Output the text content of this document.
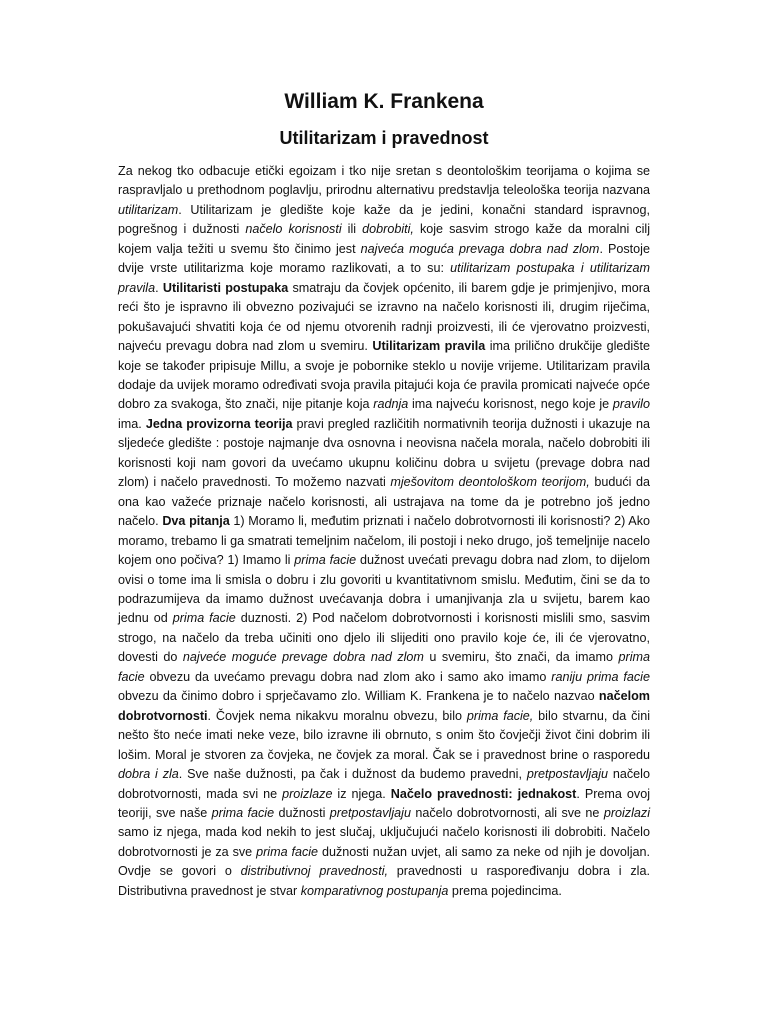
William K. Frankena
Utilitarizam i pravednost

Za nekog tko odbacuje etički egoizam i tko nije sretan s deontološkim teorijama o kojima se raspravljalo u prethodnom poglavlju, prirodnu alternativu predstavlja teleološka teorija nazvana utilitarizam. Utilitarizam je gledište koje kaže da je jedini, konačni standard ispravnog, pogrešnog i dužnosti načelo korisnosti ili dobrobiti, koje sasvim strogo kaže da moralni cilj kojem valja težiti u svemu što činimo jest najveća moguća prevaga dobra nad zlom. Postoje dvije vrste utilitarizma koje moramo razlikovati, a to su: utilitarizam postupaka i utilitarizam pravila. Utilitaristi postupaka smatraju da čovjek općenito, ili barem gdje je primjenjivo, mora reći što je ispravno ili obvezno pozivajući se izravno na načelo korisnosti ili, drugim riječima, pokušavajući shvatiti koja će od njemu otvorenih radnji proizvesti, ili će vjerovatno proizvesti, najveću prevagu dobra nad zlom u svemiru. Utilitarizam pravila ima prilično drukčije gledište koje se također pripisuje Millu, a svoje je pobornike steklo u novije vrijeme. Utilitarizam pravila dodaje da uvijek moramo određivati svoja pravila pitajući koja će pravila promicati najveće opće dobro za svakoga, što znači, nije pitanje koja radnja ima najveću korisnost, nego koje je pravilo ima. Jedna provizorna teorija pravi pregled različitih normativnih teorija dužnosti i ukazuje na sljedeće gledište : postoje najmanje dva osnovna i neovisna načela morala, načelo dobrobiti ili korisnosti koji nam govori da uvećamo ukupnu količinu dobra u svijetu (prevage dobra nad zlom) i načelo pravednosti. To možemo nazvati mješovitom deontološkom teorijom, budući da ona kao važeće priznaje načelo korisnosti, ali ustrajava na tome da je potrebno još jedno načelo. Dva pitanja 1) Moramo li, međutim priznati i načelo dobrotvornosti ili korisnosti? 2) Ako moramo, trebamo li ga smatrati temeljnim načelom, ili postoji i neko drugo, još temeljnije nacelo kojem ono počiva? 1) Imamo li prima facie dužnost uvećati prevagu dobra nad zlom, to dijelom ovisi o tome ima li smisla o dobru i zlu govoriti u kvantitativnom smislu. Međutim, čini se da to podrazumijeva da imamo dužnost uvećavanja dobra i umanjivanja zla u svijetu, barem kao jednu od prima facie duznosti. 2) Pod načelom dobrotvornosti i korisnosti mislili smo, sasvim strogo, na načelo da treba učiniti ono djelo ili slijediti ono pravilo koje će, ili će vjerovatno, dovesti do najveće moguće prevage dobra nad zlom u svemiru, što znači, da imamo prima facie obvezu da uvećamo prevagu dobra nad zlom ako i samo ako imamo raniju prima facie obvezu da činimo dobro i sprječavamo zlo. William K. Frankena je to načelo nazvao načelom dobrotvornosti. Čovjek nema nikakvu moralnu obvezu, bilo prima facie, bilo stvarnu, da čini nešto što neće imati neke veze, bilo izravne ili obrnuto, s onim što čovječji život čini dobrim ili lošim. Moral je stvoren za čovjeka, ne čovjek za moral. Čak se i pravednost brine o rasporedu dobra i zla. Sve naše dužnosti, pa čak i dužnost da budemo pravedni, pretpostavljaju načelo dobrotvornosti, mada svi ne proizlaze iz njega. Načelo pravednosti: jednakost. Prema ovoj teoriji, sve naše prima facie dužnosti pretpostavljaju načelo dobrotvornosti, ali sve ne proizlazi samo iz njega, mada kod nekih to jest slučaj, uključujući načelo korisnosti ili dobrobiti. Načelo dobrotvornosti je za sve prima facie dužnosti nužan uvjet, ali samo za neke od njih je dovoljan. Ovdje se govori o distributivnoj pravednosti, pravednosti u raspoređivanju dobra i zla. Distributivna pravednost je stvar komparativnog postupanja prema pojedincima.
